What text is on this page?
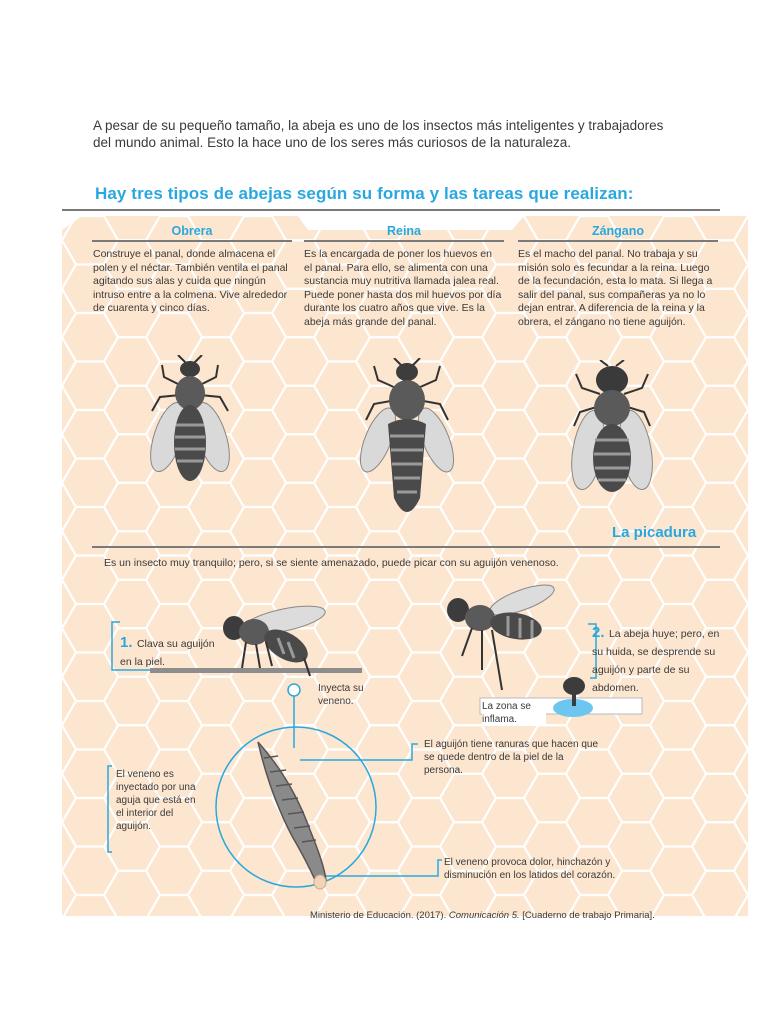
A pesar de su pequeño tamaño, la abeja es uno de los insectos más inteligentes y trabajadores del mundo animal. Esto la hace uno de los seres más curiosos de la naturaleza.

Hay tres tipos de abejas según su forma y las tareas que realizan:
Obrera	Reina	Zángano
Construye el panal, donde almacena el polen y el néctar. También ventila el panal agitando sus alas y cuida que ningún intruso entre a la colmena. Vive alrededor de cuarenta y cinco días.
Es la encargada de poner los huevos en el panal. Para ello, se alimenta con una sustancia muy nutritiva llamada jalea real. Puede poner hasta dos mil huevos por día durante los cuatro años que vive. Es la abeja más grande del panal.
Es el macho del panal. No trabaja y su misión solo es fecundar a la reina. Luego de la fecundación, esta lo mata. Si llega a salir del panal, sus compañeras ya no lo dejan entrar. A diferencia de la reina y la obrera, el zángano no tiene aguijón.
La picadura
Es un insecto muy tranquilo; pero, si se siente amenazado, puede picar con su aguijón venenoso.
1. Clava su aguijón en la piel.
2. La abeja huye; pero, en su huida, se desprende su aguijón y parte de su abdomen.
Inyecta su veneno.	La zona se inflama.
El aguijón tiene ranuras que hacen que se quede dentro de la piel de la persona.
El veneno es inyectado por una aguja que está en el interior del aguijón.
El veneno provoca dolor, hinchazón y disminución en los latidos del corazón.
Ministerio de Educación. (2017). Comunicación 5. [Cuaderno de trabajo Primaria].
